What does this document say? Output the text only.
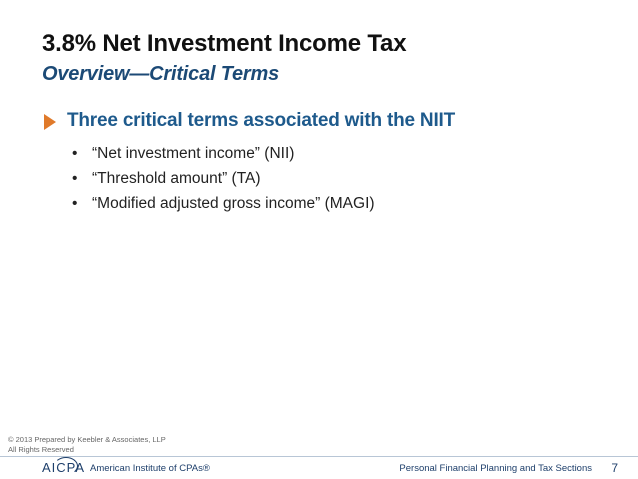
3.8% Net Investment Income Tax
Overview—Critical Terms
Three critical terms associated with the NIIT
• “Net investment income” (NII)
• “Threshold amount” (TA)
• “Modified adjusted gross income” (MAGI)
© 2013 Prepared by Keebler & Associates, LLP
All Rights Reserved
AICPA American Institute of CPAs®	Personal Financial Planning and Tax Sections 7
